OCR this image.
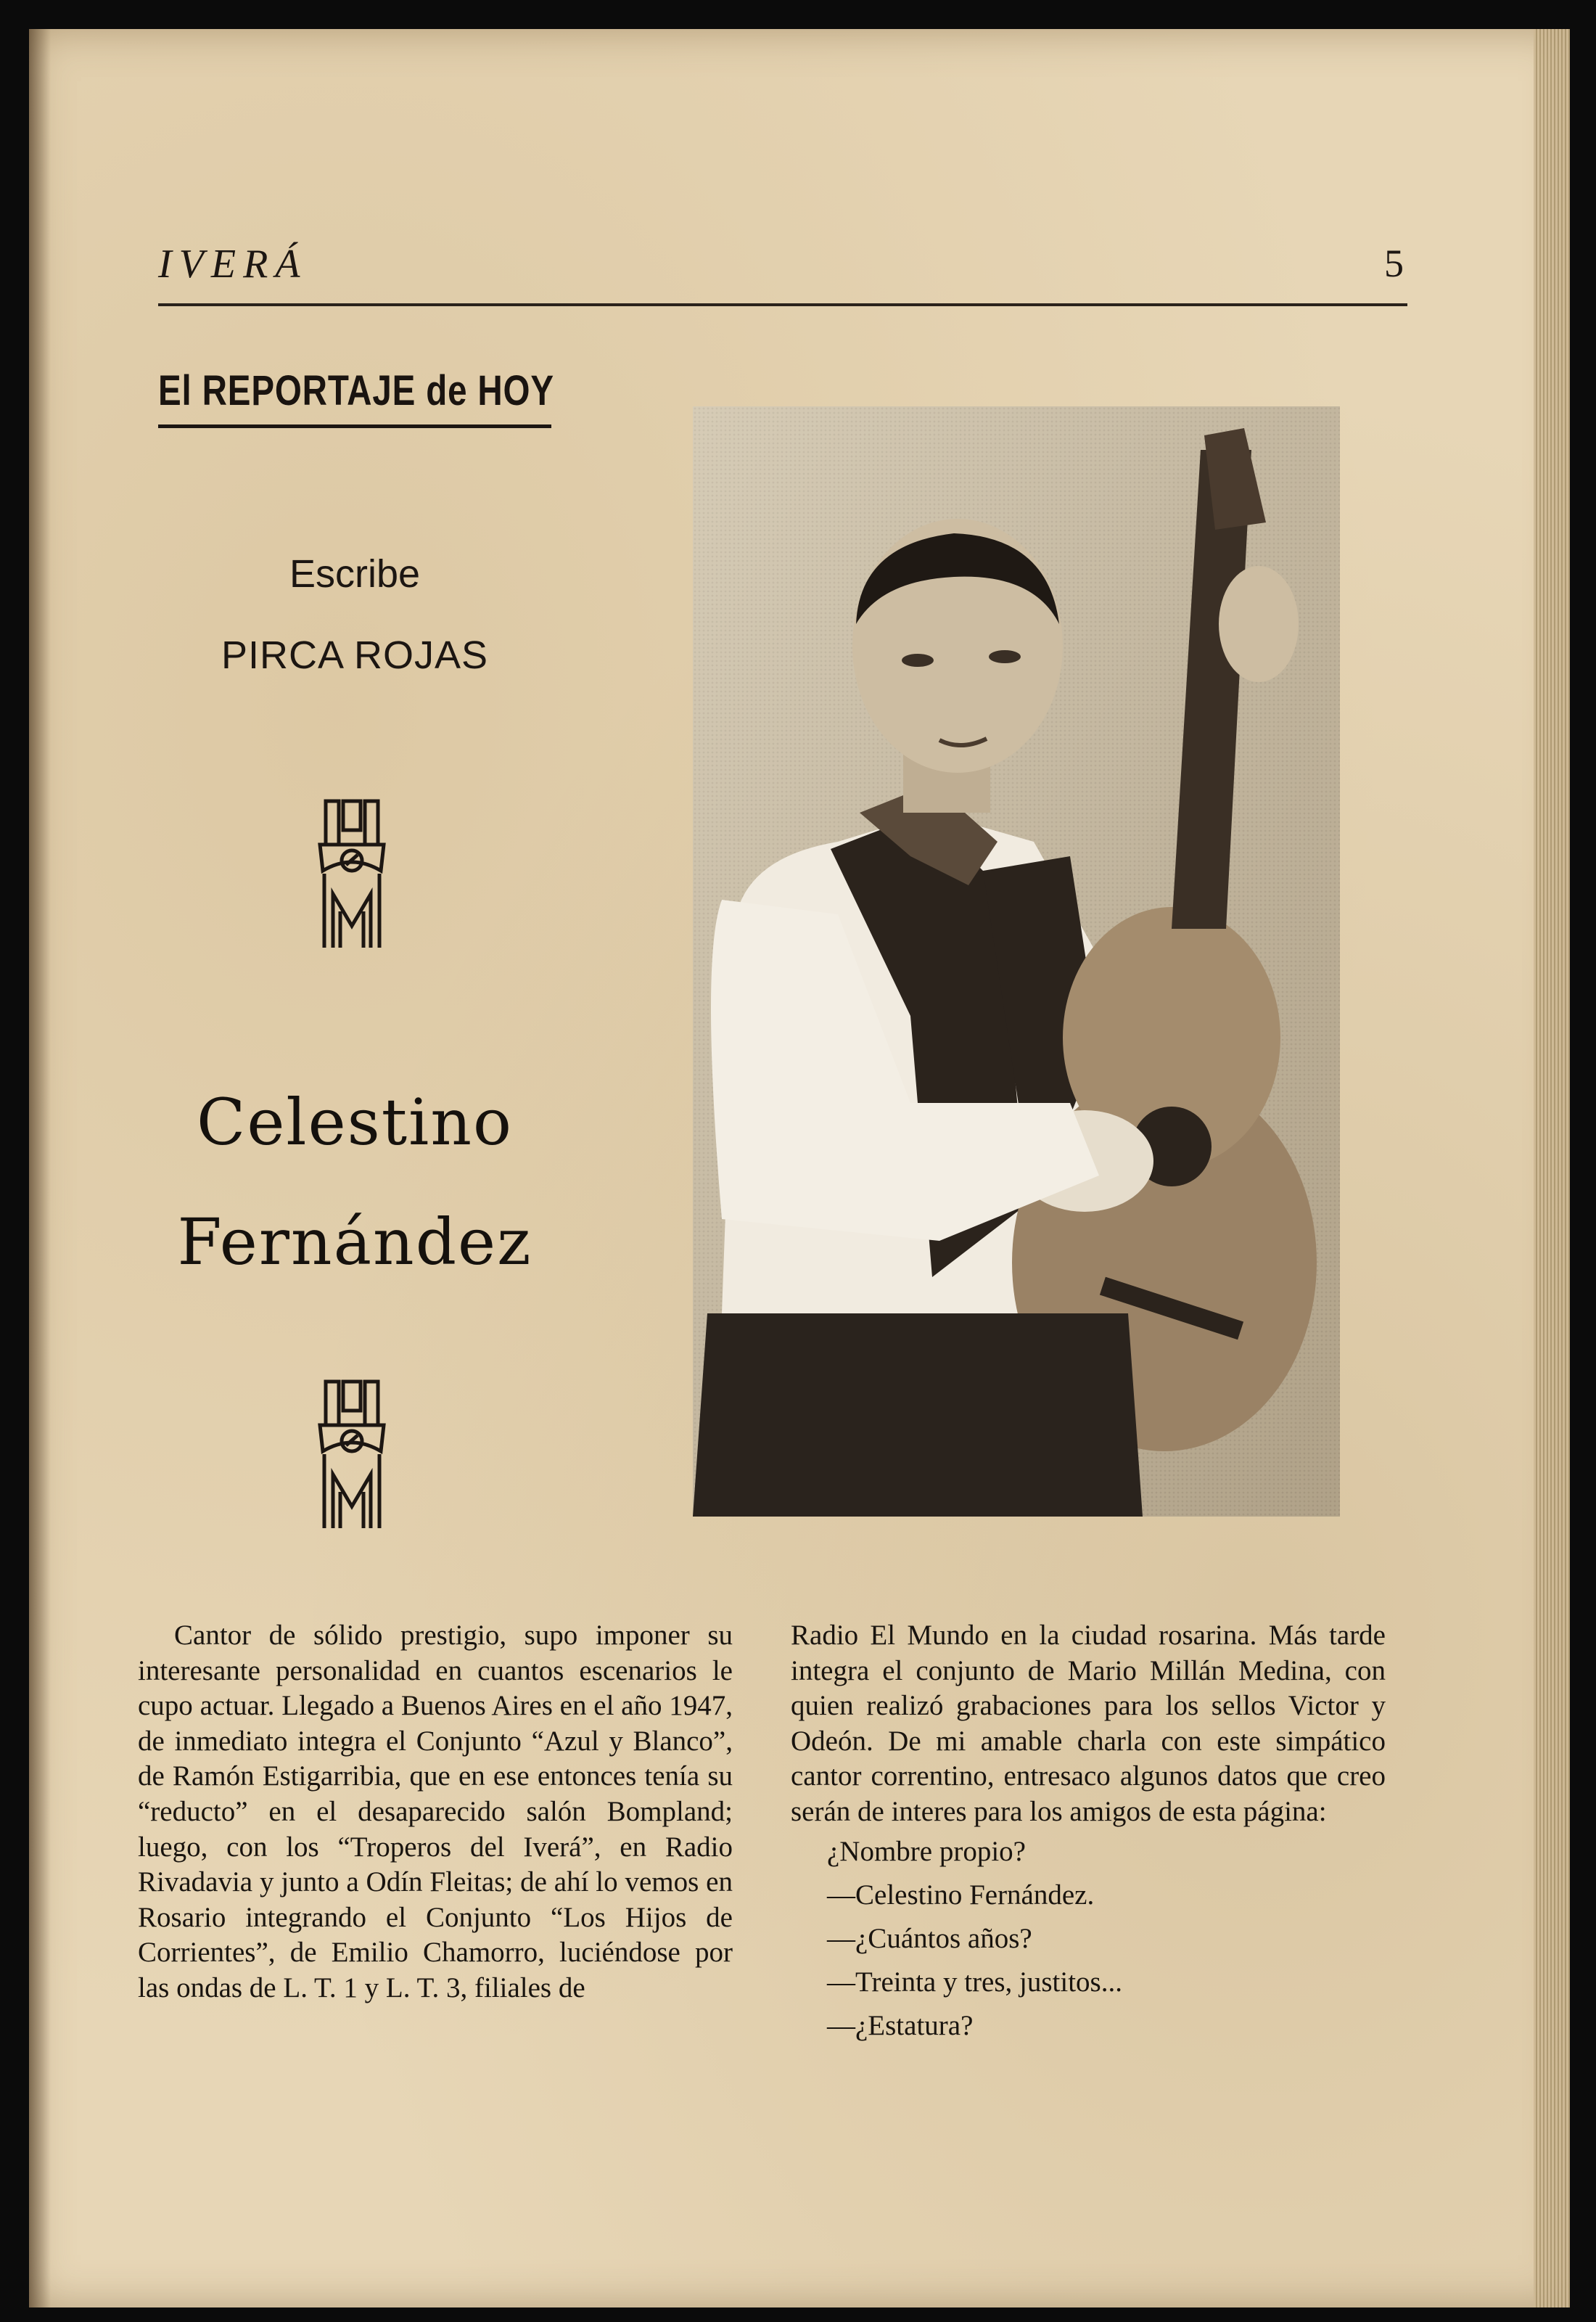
IVERÁ	5
El REPORTAJE de HOY
Escribe
PIRCA ROJAS
Celestino
Fernández
Cantor de sólido prestigio, supo imponer su interesante personalidad en cuantos escenarios le cupo actuar. Llegado a Buenos Aires en el año 1947, de inmediato integra el Conjunto “Azul y Blanco”, de Ramón Estigarribia, que en ese entonces tenía su “reducto” en el desaparecido salón Bompland; luego, con los “Troperos del Iverá”, en Radio Rivadavia y junto a Odín Fleitas; de ahí lo vemos en Rosario integrando el Conjunto “Los Hijos de Corrientes”, de Emilio Chamorro, luciéndose por las ondas de L. T. 1 y L. T. 3, filiales de
Radio El Mundo en la ciudad rosarina. Más tarde integra el conjunto de Mario Millán Medina, con quien realizó grabaciones para los sellos Victor y Odeón. De mi amable charla con este simpático cantor correntino, entresaco algunos datos que creo serán de interes para los amigos de esta página:
¿Nombre propio?
—Celestino Fernández.
—¿Cuántos años?
—Treinta y tres, justitos...
—¿Estatura?
